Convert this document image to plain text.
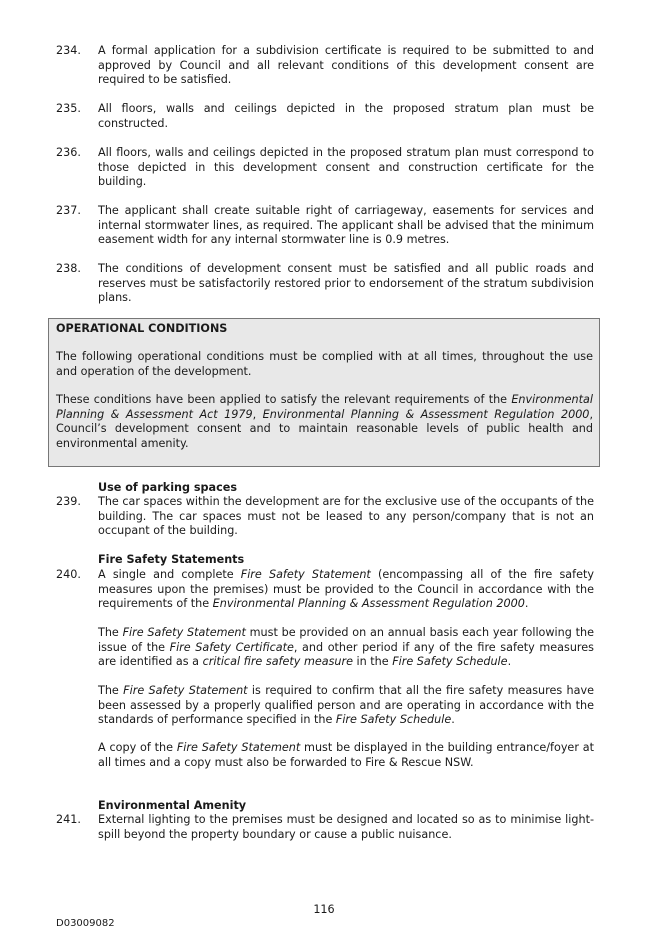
234.	A formal application for a subdivision certificate is required to be submitted to and approved by Council and all relevant conditions of this development consent are required to be satisfied.
235.	All floors, walls and ceilings depicted in the proposed stratum plan must be constructed.
236.	All floors, walls and ceilings depicted in the proposed stratum plan must correspond to those depicted in this development consent and construction certificate for the building.
237.	The applicant shall create suitable right of carriageway, easements for services and internal stormwater lines, as required. The applicant shall be advised that the minimum easement width for any internal stormwater line is 0.9 metres.
238.	The conditions of development consent must be satisfied and all public roads and reserves must be satisfactorily restored prior to endorsement of the stratum subdivision plans.
OPERATIONAL CONDITIONS
The following operational conditions must be complied with at all times, throughout the use and operation of the development.
These conditions have been applied to satisfy the relevant requirements of the Environmental Planning & Assessment Act 1979, Environmental Planning & Assessment Regulation 2000, Council’s development consent and to maintain reasonable levels of public health and environmental amenity.
Use of parking spaces
239.	The car spaces within the development are for the exclusive use of the occupants of the building. The car spaces must not be leased to any person/company that is not an occupant of the building.
Fire Safety Statements
240.	A single and complete Fire Safety Statement (encompassing all of the fire safety measures upon the premises) must be provided to the Council in accordance with the requirements of the Environmental Planning & Assessment Regulation 2000.
The Fire Safety Statement must be provided on an annual basis each year following the issue of the Fire Safety Certificate, and other period if any of the fire safety measures are identified as a critical fire safety measure in the Fire Safety Schedule.
The Fire Safety Statement is required to confirm that all the fire safety measures have been assessed by a properly qualified person and are operating in accordance with the standards of performance specified in the Fire Safety Schedule.
A copy of the Fire Safety Statement must be displayed in the building entrance/foyer at all times and a copy must also be forwarded to Fire & Rescue NSW.
Environmental Amenity
241.	External lighting to the premises must be designed and located so as to minimise light-spill beyond the property boundary or cause a public nuisance.
116
D03009082
